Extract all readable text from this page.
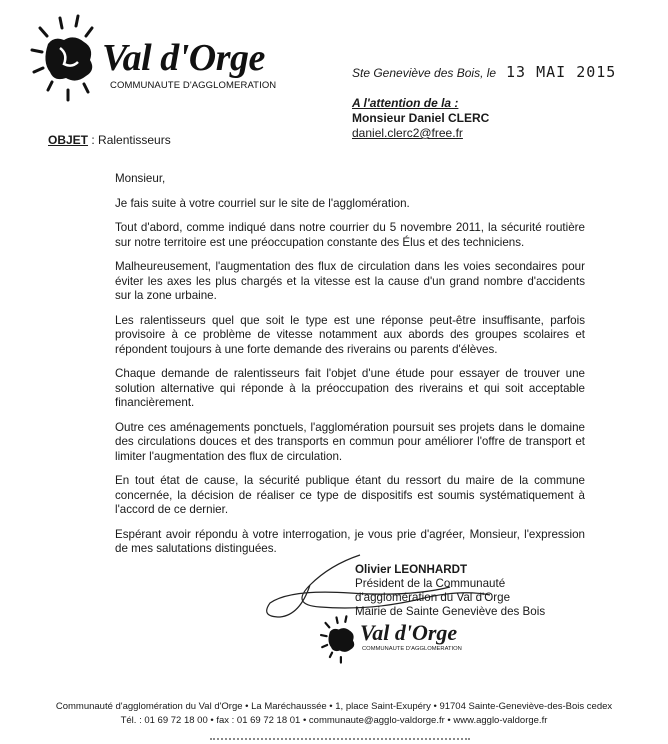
Val d'Orge
COMMUNAUTE D'AGGLOMERATION
Ste Geneviève des Bois, le 13 MAI 2015
A l'attention de la :
Monsieur Daniel CLERC
daniel.clerc2@free.fr
OBJET : Ralentisseurs

Monsieur,

Je fais suite à votre courriel sur le site de l'agglomération.

Tout d'abord, comme indiqué dans notre courrier du 5 novembre 2011, la sécurité routière sur notre territoire est une préoccupation constante des Élus et des techniciens.

Malheureusement, l'augmentation des flux de circulation dans les voies secondaires pour éviter les axes les plus chargés et la vitesse est la cause d'un grand nombre d'accidents sur la zone urbaine.

Les ralentisseurs quel que soit le type est une réponse peut-être insuffisante, parfois provisoire à ce problème de vitesse notamment aux abords des groupes scolaires et répondent toujours à une forte demande des riverains ou parents d'élèves.

Chaque demande de ralentisseurs fait l'objet d'une étude pour essayer de trouver une solution alternative qui réponde à la préoccupation des riverains et qui soit acceptable financièrement.

Outre ces aménagements ponctuels, l'agglomération poursuit ses projets dans le domaine des circulations douces et des transports en commun pour améliorer l'offre de transport et limiter l'augmentation des flux de circulation.

En tout état de cause, la sécurité publique étant du ressort du maire de la commune concernée, la décision de réaliser ce type de dispositifs est soumis systématiquement à l'accord de ce dernier.

Espérant avoir répondu à votre interrogation, je vous prie d'agréer, Monsieur, l'expression de mes salutations distinguées.

Olivier LEONHARDT
Président de la Communauté
d'agglomération du Val d'Orge
Mairie de Sainte Geneviève des Bois
Val d'Orge
COMMUNAUTE D'AGGLOMERATION
Communauté d'agglomération du Val d'Orge • La Maréchaussée • 1, place Saint-Exupéry • 91704 Sainte-Geneviève-des-Bois cedex
Tél. : 01 69 72 18 00 • fax : 01 69 72 18 01 • communaute@agglo-valdorge.fr • www.agglo-valdorge.fr
